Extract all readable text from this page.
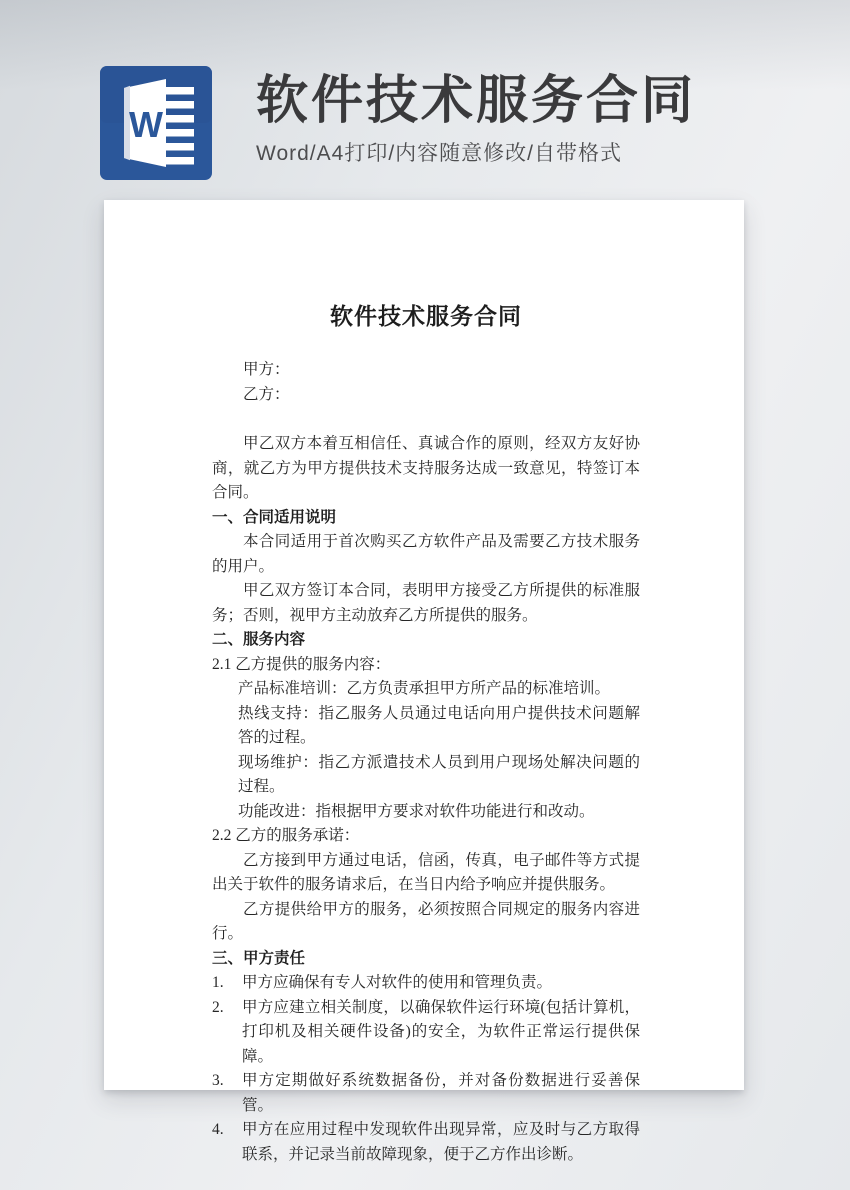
W 软件技术服务合同

Word/A4打印/内容随意修改/自带格式

软件技术服务合同

甲方：

乙方：

甲乙双方本着互相信任、真诚合作的原则，经双方友好协商，就乙方为甲方提供技术支持服务达成一致意见，特签订本合同。

一、合同适用说明

本合同适用于首次购买乙方软件产品及需要乙方技术服务的用户。

甲乙双方签订本合同，表明甲方接受乙方所提供的标准服务；否则，视甲方主动放弃乙方所提供的服务。

二、服务内容

2.1 乙方提供的服务内容：

产品标准培训：乙方负责承担甲方所产品的标准培训。

热线支持：指乙服务人员通过电话向用户提供技术问题解答的过程。

现场维护：指乙方派遣技术人员到用户现场处解决问题的过程。

功能改进：指根据甲方要求对软件功能进行和改动。

2.2 乙方的服务承诺：

乙方接到甲方通过电话，信函，传真，电子邮件等方式提出关于软件的服务请求后，在当日内给予响应并提供服务。

乙方提供给甲方的服务，必须按照合同规定的服务内容进行。

三、甲方责任
1.	甲方应确保有专人对软件的使用和管理负责。
2.	甲方应建立相关制度，以确保软件运行环境(包括计算机，打印机及相关硬件设备)的安全，为软件正常运行提供保障。
3.	甲方定期做好系统数据备份，并对备份数据进行妥善保管。
4.	甲方在应用过程中发现软件出现异常，应及时与乙方取得联系，并记录当前故障现象，便于乙方作出诊断。
